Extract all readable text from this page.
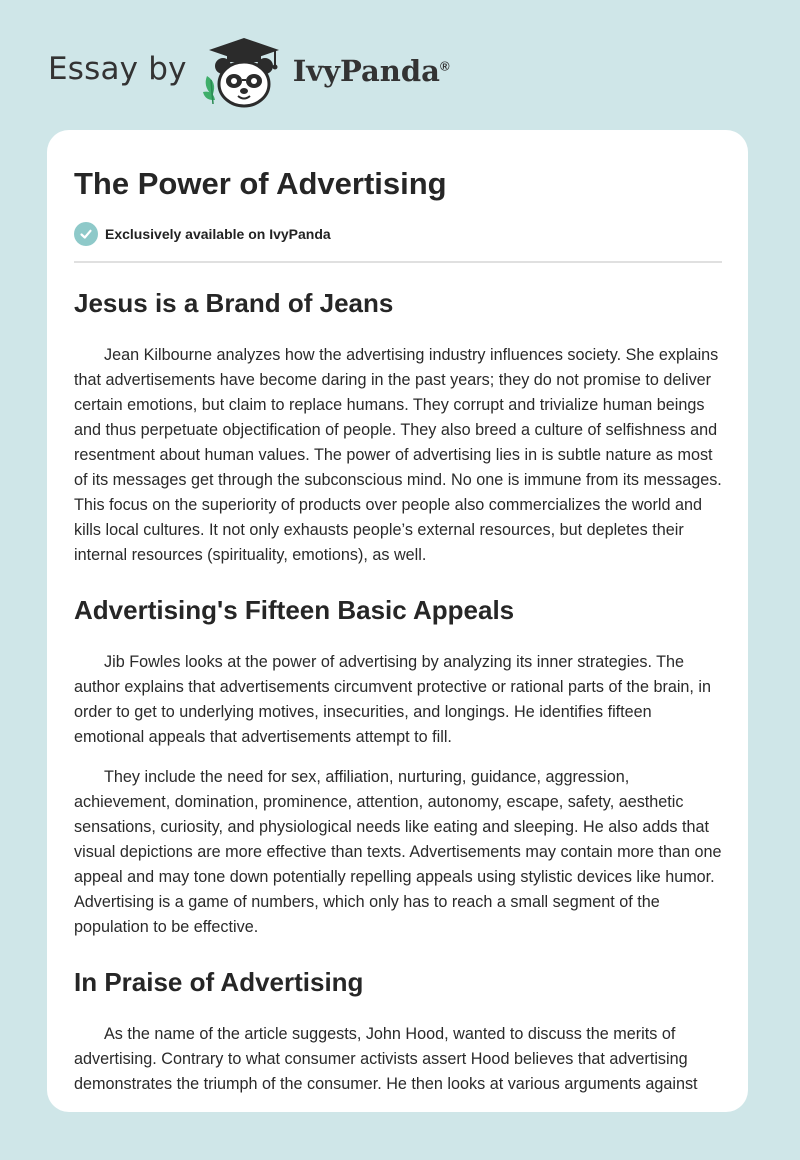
Essay by	IvyPanda®
The Power of Advertising
Exclusively available on IvyPanda
Jesus is a Brand of Jeans

Jean Kilbourne analyzes how the advertising industry influences society. She explains that advertisements have become daring in the past years; they do not promise to deliver certain emotions, but claim to replace humans. They corrupt and trivialize human beings and thus perpetuate objectification of people. They also breed a culture of selfishness and resentment about human values. The power of advertising lies in is subtle nature as most of its messages get through the subconscious mind. No one is immune from its messages. This focus on the superiority of products over people also commercializes the world and kills local cultures. It not only exhausts people’s external resources, but depletes their internal resources (spirituality, emotions), as well.

Advertising's Fifteen Basic Appeals

Jib Fowles looks at the power of advertising by analyzing its inner strategies. The author explains that advertisements circumvent protective or rational parts of the brain, in order to get to underlying motives, insecurities, and longings. He identifies fifteen emotional appeals that advertisements attempt to fill.

They include the need for sex, affiliation, nurturing, guidance, aggression, achievement, domination, prominence, attention, autonomy, escape, safety, aesthetic sensations, curiosity, and physiological needs like eating and sleeping. He also adds that visual depictions are more effective than texts. Advertisements may contain more than one appeal and may tone down potentially repelling appeals using stylistic devices like humor. Advertising is a game of numbers, which only has to reach a small segment of the population to be effective.

In Praise of Advertising

As the name of the article suggests, John Hood, wanted to discuss the merits of advertising. Contrary to what consumer activists assert Hood believes that advertising demonstrates the triumph of the consumer. He then looks at various arguments against
